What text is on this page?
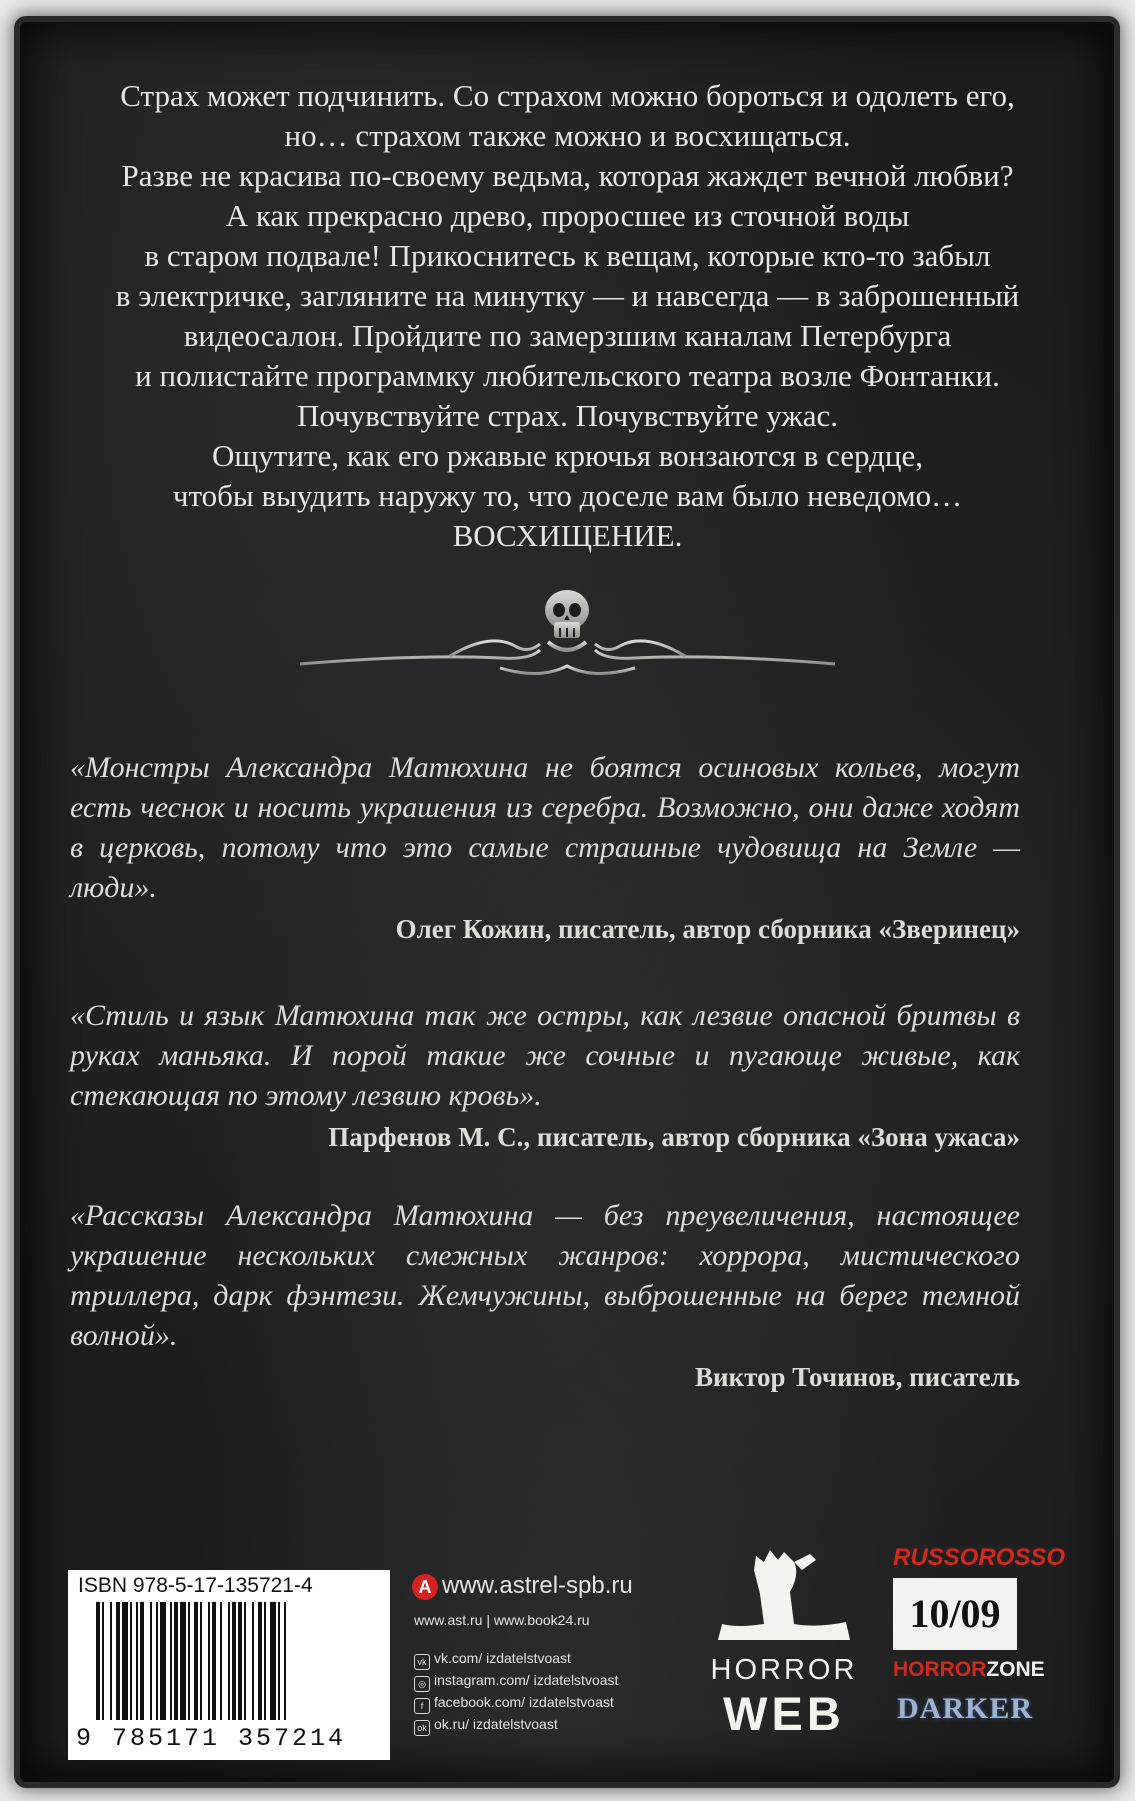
Страх может подчинить. Со страхом можно бороться и одолеть его,
но… страхом также можно и восхищаться.
Разве не красива по-своему ведьма, которая жаждет вечной любви?
А как прекрасно древо, проросшее из сточной воды
в старом подвале! Прикоснитесь к вещам, которые кто-то забыл
в электричке, загляните на минутку — и навсегда — в заброшенный
видеосалон. Пройдите по замерзшим каналам Петербурга
и полистайте программку любительского театра возле Фонтанки.
Почувствуйте страх. Почувствуйте ужас.
Ощутите, как его ржавые крючья вонзаются в сердце,
чтобы выудить наружу то, что доселе вам было неведомо…
ВОСХИЩЕНИЕ.
«Монстры Александра Матюхина не боятся осиновых кольев, могут есть чеснок и носить украшения из серебра. Возможно, они даже ходят в церковь, потому что это самые страшные чудовища на Земле — люди».
Олег Кожин, писатель, автор сборника «Зверинец»
«Стиль и язык Матюхина так же остры, как лезвие опасной бритвы в руках маньяка. И порой такие же сочные и пугающе живые, как стекающая по этому лезвию кровь».
Парфенов М. С., писатель, автор сборника «Зона ужаса»
«Рассказы Александра Матюхина — без преувеличения, настоящее украшение нескольких смежных жанров: хоррора, мистического триллера, дарк фэнтези. Жемчужины, выброшенные на берег темной волной».
Виктор Точинов, писатель
ISBN 978-5-17-135721-4
9 785171 357214
A www.astrel-spb.ru
www.ast.ru | www.book24.ru
vk vk.com/ izdatelstvoast
◎ instagram.com/ izdatelstvoast
f facebook.com/ izdatelstvoast
ok ok.ru/ izdatelstvoast
HORROR
WEB
RUSSOROSSO
10/09
HORRORZONE
DARKER
